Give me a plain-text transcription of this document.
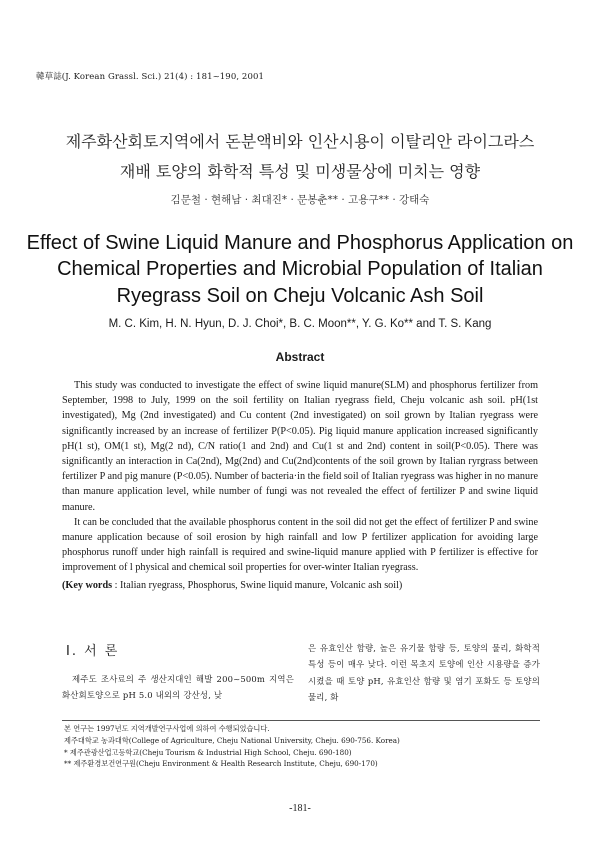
韓草誌(J. Korean Grassl. Sci.) 21(4) : 181~190, 2001
제주화산회토지역에서 돈분액비와 인산시용이 이탈리안 라이그라스
재배 토양의 화학적 특성 및 미생물상에 미치는 영향
김문철 · 현해남 · 최대진* · 문봉춘** · 고용구** · 강태숙
Effect of Swine Liquid Manure and Phosphorus Application on
Chemical Properties and Microbial Population of Italian
Ryegrass Soil on Cheju Volcanic Ash Soil
M. C. Kim, H. N. Hyun, D. J. Choi*, B. C. Moon**, Y. G. Ko** and T. S. Kang
Abstract

This study was conducted to investigate the effect of swine liquid manure(SLM) and phosphorus fertilizer from September, 1998 to July, 1999 on the soil fertility on Italian ryegrass field, Cheju volcanic ash soil. pH(1st investigated), Mg (2nd investigated) and Cu content (2nd investigated) on soil grown by Italian ryegrass were significantly increased by an increase of fertilizer P(P<0.05). Pig liquid manure application increased significantly pH(1 st), OM(1 st), Mg(2 nd), C/N ratio(1 and 2nd) and Cu(1 st and 2nd) content in soil(P<0.05). There was significantly an interaction in Ca(2nd), Mg(2nd) and Cu(2nd)contents of the soil grown by Italian ryrgrass between fertilizer P and pig manure (P<0.05). Number of bacteria·in the field soil of Italian ryegrass was higher in no manure than manure application level, while number of fungi was not revealed the effect of fertilizer P and swine liquid manure.

It can be concluded that the available phosphorus content in the soil did not get the effect of fertilizer P and swine manure application because of soil erosion by high rainfall and low P fertilizer application for avoiding large phosphorus runoff under high rainfall is required and swine-liquid manure applied with P fertilizer is effective for improvement of l physical and chemical soil properties for over-winter Italian ryegrass.

(Key words : Italian ryegrass, Phosphorus, Swine liquid manure, Volcanic ash soil)

Ⅰ. 서 론

제주도 조사료의 주 생산지대인 해발 200~500m 지역은 화산회토양으로 pH 5.0 내외의 강산성, 낮

은 유효인산 함량, 높은 유기물 함량 등, 토양의 물리, 화학적 특성 등이 매우 낮다. 이런 목초지 토양에 인산 시용량을 증가시켰을 때 토양 pH, 유효인산 함량 및 염기 포화도 등 토양의 물리, 화

본 연구는 1997년도 지역개발연구사업에 의하여 수행되었습니다.
제주대학교 농과대학(College of Agriculture, Cheju National University, Cheju. 690-756. Korea)
* 제주관광산업고등학교(Cheju Tourism & Industrial High School, Cheju. 690-180)
** 제주환경보건연구원(Cheju Environment & Health Research Institute, Cheju, 690-170)
-181-
